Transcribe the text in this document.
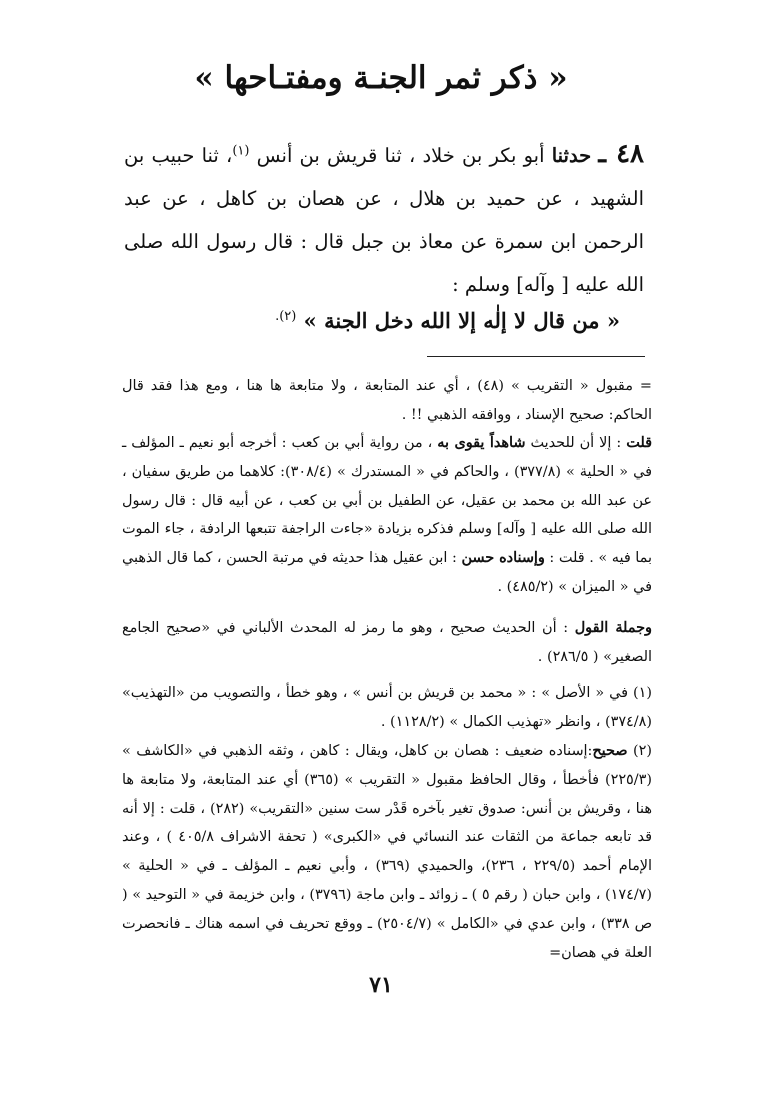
« ذكر ثمر الجنـة ومفتـاحها »
٤٨ ـ حدثنا أبو بكر بن خلاد ، ثنا قريش بن أنس $^{(١)}$، ثنا حبيب بن الشهيد ، عن حميد بن هلال ، عن هصان بن كاهل ، عن عبد الرحمن ابن سمرة عن معاذ بن جبل قال : قال رسول الله صلى الله عليه [ وآله] وسلم :
« من قال لا إلٰه إلا الله دخل الجنة » $^{(٢).}$
= مقبول « التقريب » (٤٨) ، أي عند المتابعة ، ولا متابعة ها هنا ، ومع هذا فقد قال الحاكم: صحيح الإسناد ، ووافقه الذهبي !! .
قلت : إلا أن للحديث شاهداً يقوى به ، من رواية أبي بن كعب : أخرجه أبو نعيم ـ المؤلف ـ في « الحلية » (٣٧٧/٨) ، والحاكم في « المستدرك » (٣٠٨/٤): كلاهما من طريق سفيان ، عن عبد الله بن محمد بن عقيل، عن الطفيل بن أبي بن كعب ، عن أبيه قال : قال رسول الله صلى الله عليه [ وآله] وسلم فذكره بزيادة «جاءت الراجفة تتبعها الرادفة ، جاء الموت بما فيه » . قلت : وإسناده حسن : ابن عقيل هذا حديثه في مرتبة الحسن ، كما قال الذهبي في « الميزان » (٤٨٥/٢) .
وجملة القول : أن الحديث صحيح ، وهو ما رمز له المحدث الألباني في «صحيح الجامع الصغير» ( ٢٨٦/٥) .
(١) في « الأصل » : « محمد بن قريش بن أنس » ، وهو خطأ ، والتصويب من «التهذيب» (٣٧٤/٨) ، وانظر «تهذيب الكمال » (١١٢٨/٢) .
(٢) صحيح:إسناده ضعيف : هصان بن كاهل، ويقال : كاهن ، وثقه الذهبي في «الكاشف » (٢٢٥/٣) فأخطأ ، وقال الحافظ مقبول « التقريب » (٣٦٥) أي عند المتابعة، ولا متابعة ها هنا ، وقريش بن أنس: صدوق تغير بآخره قَدْر ست سنين «التقريب» (٢٨٢) ، قلت : إلا أنه قد تابعه جماعة من الثقات عند النسائي في «الكبرى» ( تحفة الاشراف ٤٠٥/٨ ) ، وعند الإمام أحمد (٢٢٩/٥ ، ٢٣٦)، والحميدي (٣٦٩) ، وأبي نعيم ـ المؤلف ـ في « الحلية » (١٧٤/٧) ، وابن حبان ( رقم ٥ ) ـ زوائد ـ وابن ماجة (٣٧٩٦) ، وابن خزيمة في « التوحيد » ( ص ٣٣٨) ، وابن عدي في «الكامل » (٢٥٠٤/٧) ـ ووقع تحريف في اسمه هناك ـ فانحصرت العلة في هصان=
٧١
